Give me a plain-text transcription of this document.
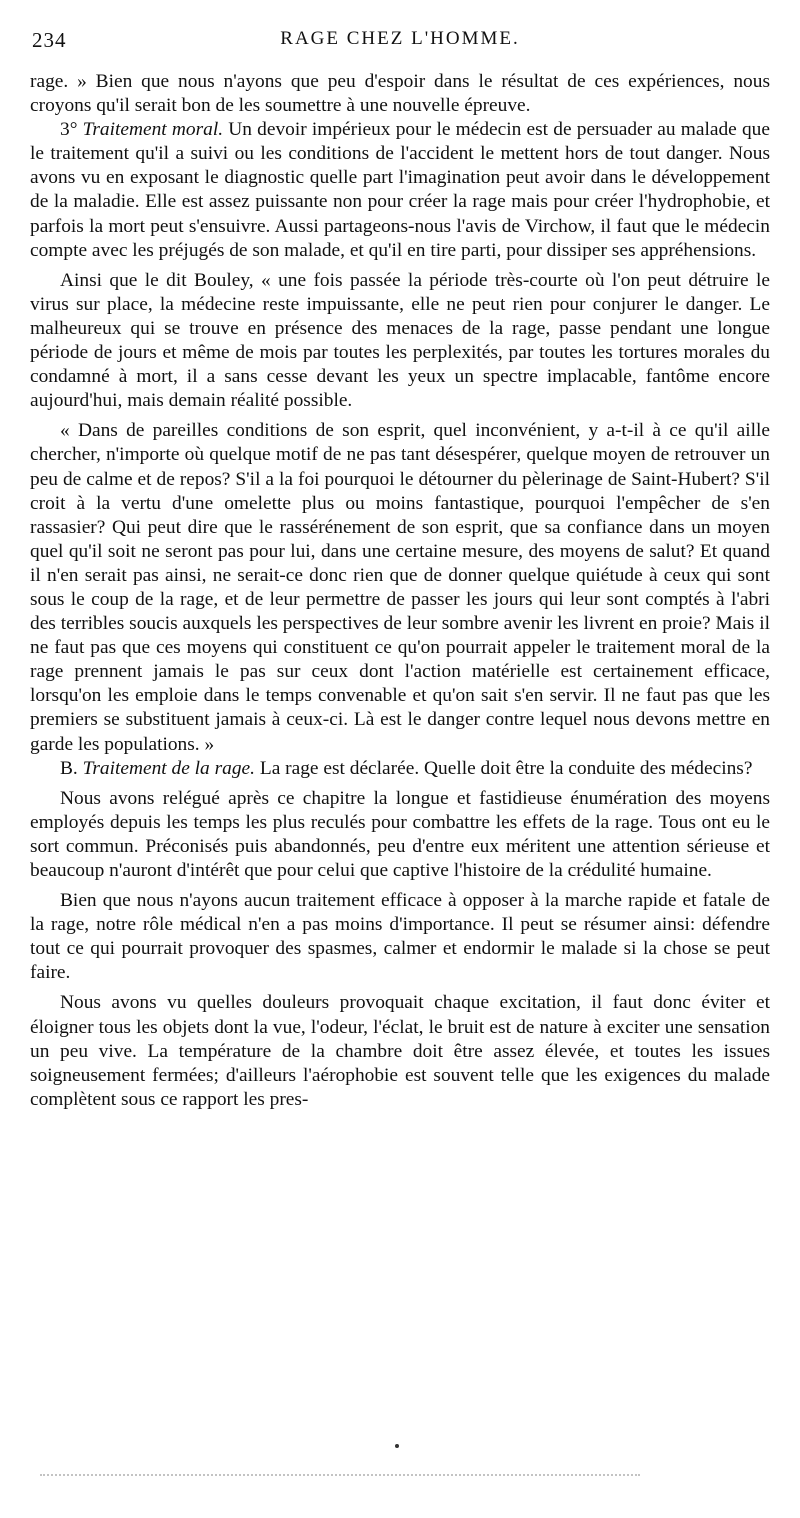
234	RAGE CHEZ L'HOMME.

rage. » Bien que nous n'ayons que peu d'espoir dans le résultat de ces expériences, nous croyons qu'il serait bon de les soumettre à une nouvelle épreuve.

3° Traitement moral. Un devoir impérieux pour le médecin est de persuader au malade que le traitement qu'il a suivi ou les conditions de l'accident le mettent hors de tout danger. Nous avons vu en exposant le diagnostic quelle part l'imagination peut avoir dans le développement de la maladie. Elle est assez puissante non pour créer la rage mais pour créer l'hydrophobie, et parfois la mort peut s'ensuivre. Aussi partageons-nous l'avis de Virchow, il faut que le médecin compte avec les préjugés de son malade, et qu'il en tire parti, pour dissiper ses appréhensions.

Ainsi que le dit Bouley, « une fois passée la période très-courte où l'on peut détruire le virus sur place, la médecine reste impuissante, elle ne peut rien pour conjurer le danger. Le malheureux qui se trouve en présence des menaces de la rage, passe pendant une longue période de jours et même de mois par toutes les perplexités, par toutes les tortures morales du condamné à mort, il a sans cesse devant les yeux un spectre implacable, fantôme encore aujourd'hui, mais demain réalité possible.

« Dans de pareilles conditions de son esprit, quel inconvénient, y a-t-il à ce qu'il aille chercher, n'importe où quelque motif de ne pas tant désespérer, quelque moyen de retrouver un peu de calme et de repos? S'il a la foi pourquoi le détourner du pèlerinage de Saint-Hubert? S'il croit à la vertu d'une omelette plus ou moins fantastique, pourquoi l'empêcher de s'en rassasier? Qui peut dire que le rassérénement de son esprit, que sa confiance dans un moyen quel qu'il soit ne seront pas pour lui, dans une certaine mesure, des moyens de salut? Et quand il n'en serait pas ainsi, ne serait-ce donc rien que de donner quelque quiétude à ceux qui sont sous le coup de la rage, et de leur permettre de passer les jours qui leur sont comptés à l'abri des terribles soucis auxquels les perspectives de leur sombre avenir les livrent en proie? Mais il ne faut pas que ces moyens qui constituent ce qu'on pourrait appeler le traitement moral de la rage prennent jamais le pas sur ceux dont l'action matérielle est certainement efficace, lorsqu'on les emploie dans le temps convenable et qu'on sait s'en servir. Il ne faut pas que les premiers se substituent jamais à ceux-ci. Là est le danger contre lequel nous devons mettre en garde les populations. »

B. Traitement de la rage. La rage est déclarée. Quelle doit être la conduite des médecins?

Nous avons relégué après ce chapitre la longue et fastidieuse énumération des moyens employés depuis les temps les plus reculés pour combattre les effets de la rage. Tous ont eu le sort commun. Préconisés puis abandonnés, peu d'entre eux méritent une attention sérieuse et beaucoup n'auront d'intérêt que pour celui que captive l'histoire de la crédulité humaine.

Bien que nous n'ayons aucun traitement efficace à opposer à la marche rapide et fatale de la rage, notre rôle médical n'en a pas moins d'importance. Il peut se résumer ainsi: défendre tout ce qui pourrait provoquer des spasmes, calmer et endormir le malade si la chose se peut faire.

Nous avons vu quelles douleurs provoquait chaque excitation, il faut donc éviter et éloigner tous les objets dont la vue, l'odeur, l'éclat, le bruit est de nature à exciter une sensation un peu vive. La température de la chambre doit être assez élevée, et toutes les issues soigneusement fermées; d'ailleurs l'aérophobie est souvent telle que les exigences du malade complètent sous ce rapport les pres-
